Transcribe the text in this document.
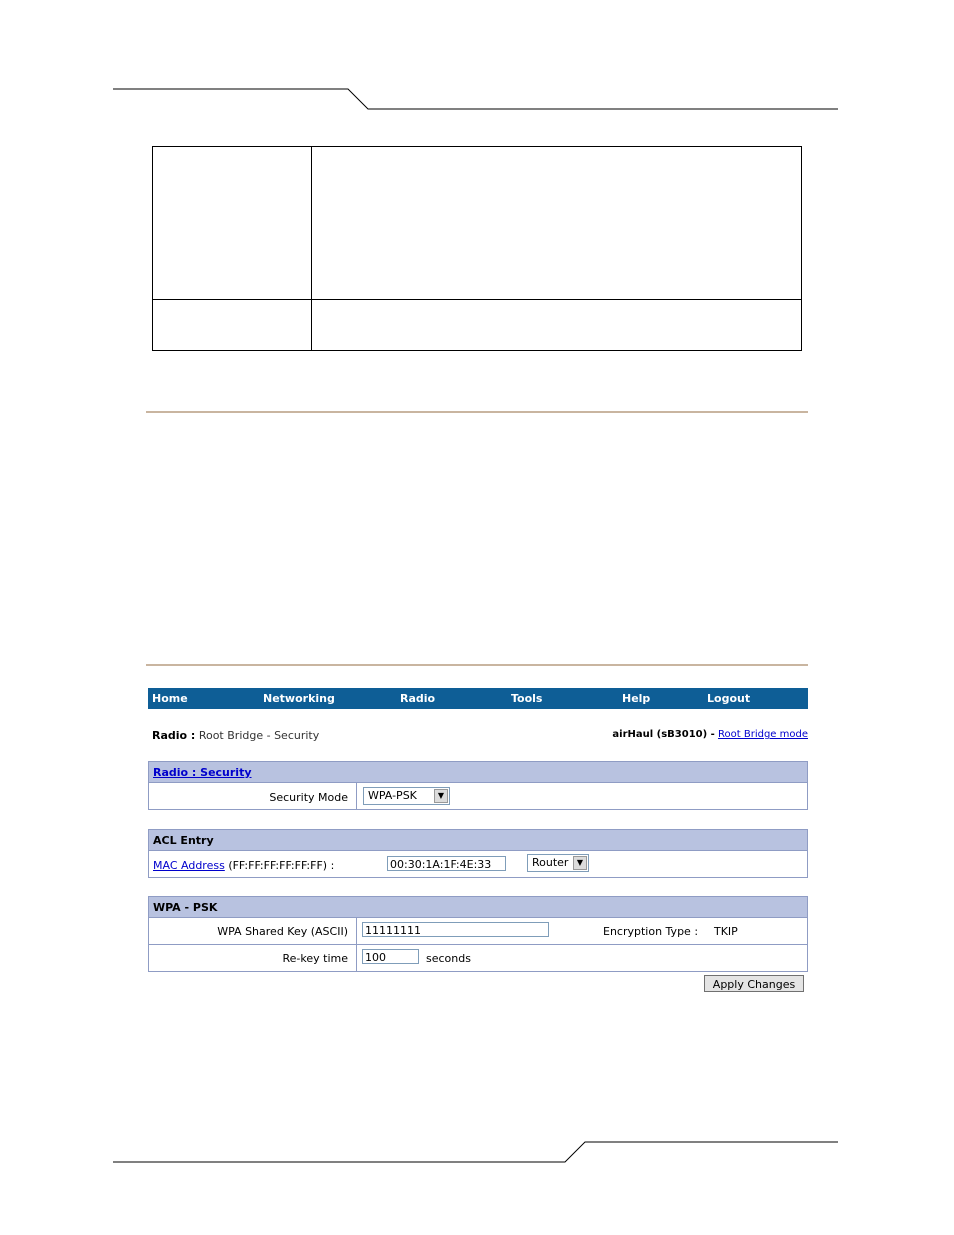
Home	Networking	Radio	Tools	Help	Logout
Radio : Root Bridge - Security	airHaul (sB3010) - Root Bridge mode
Radio : Security
Security Mode	WPA-PSK	▼
ACL Entry
MAC Address (FF:FF:FF:FF:FF:FF) :	00:30:1A:1F:4E:33	Router	▼
WPA - PSK
WPA Shared Key (ASCII) 11111111	Encryption Type : TKIP
Re-key time 100	seconds
Apply Changes
